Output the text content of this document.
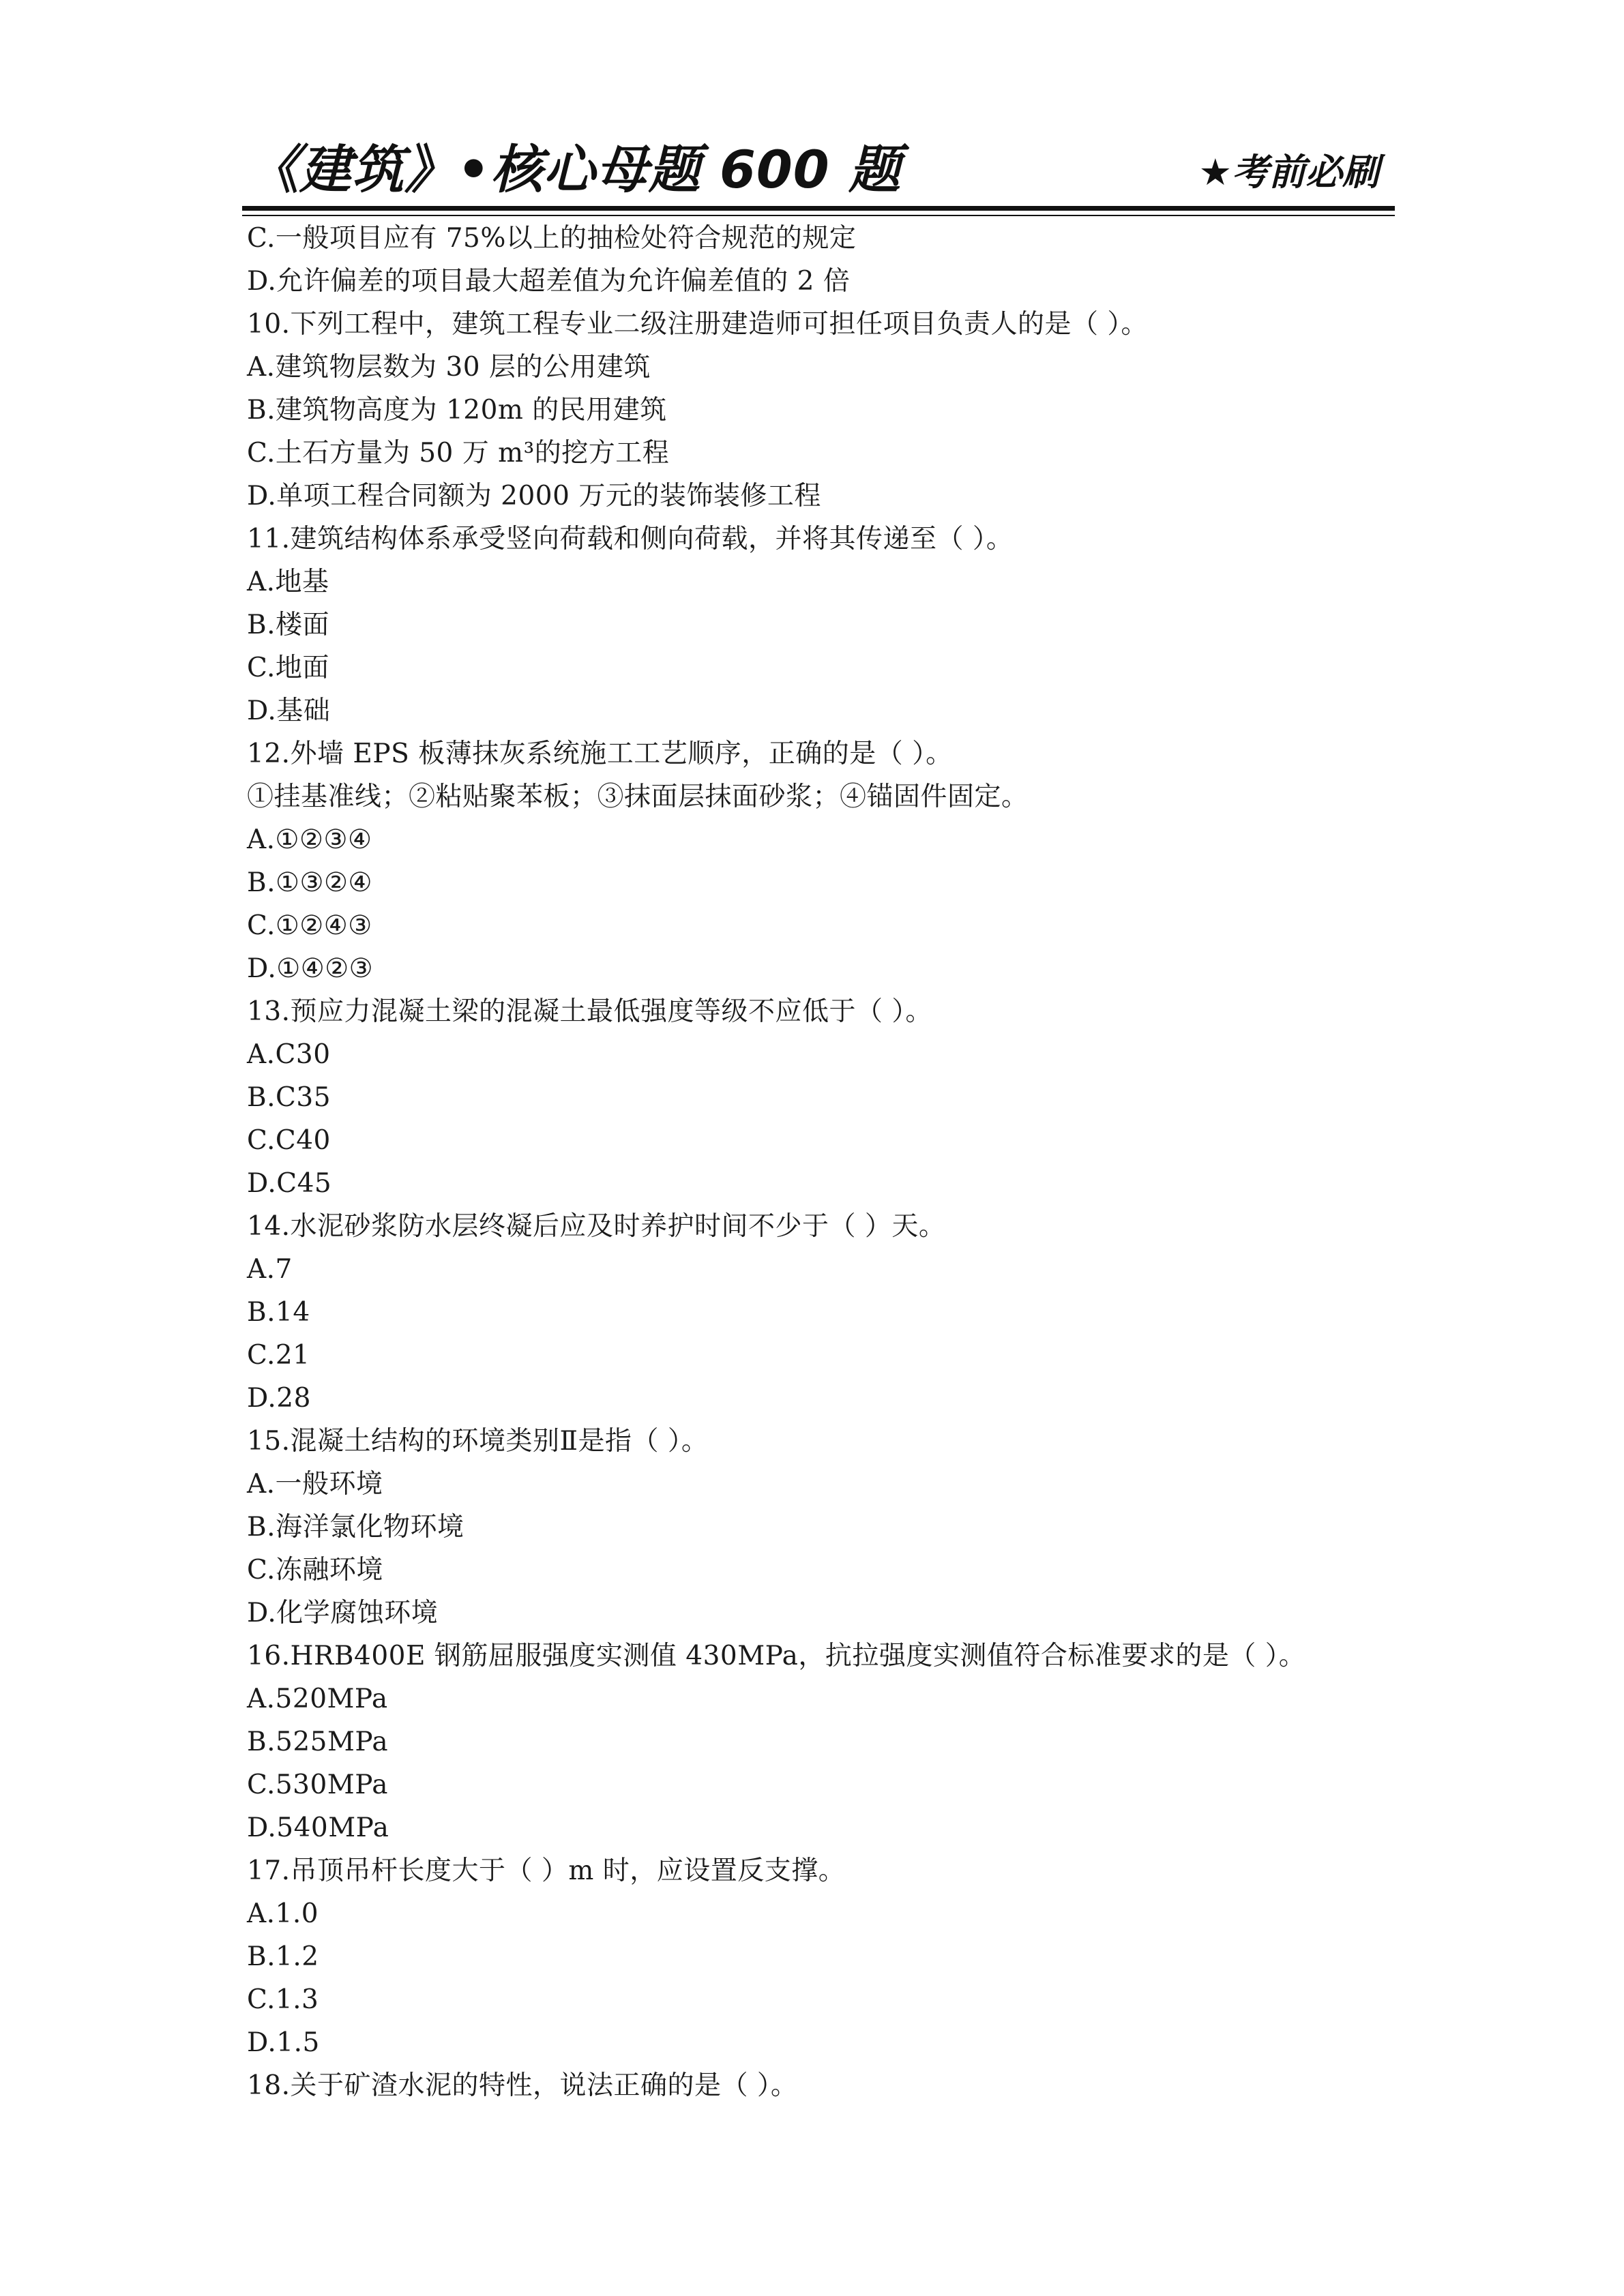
《建筑》•核心母题 600 题	★考前必刷
C.一般项目应有 75%以上的抽检处符合规范的规定
D.允许偏差的项目最大超差值为允许偏差值的 2 倍
10.下列工程中，建筑工程专业二级注册建造师可担任项目负责人的是（ ）。
A.建筑物层数为 30 层的公用建筑
B.建筑物高度为 120m 的民用建筑
C.土石方量为 50 万 m³的挖方工程
D.单项工程合同额为 2000 万元的装饰装修工程
11.建筑结构体系承受竖向荷载和侧向荷载，并将其传递至（ ）。
A.地基
B.楼面
C.地面
D.基础
12.外墙 EPS 板薄抹灰系统施工工艺顺序，正确的是（ ）。
①挂基准线；②粘贴聚苯板；③抹面层抹面砂浆；④锚固件固定。
A.①②③④
B.①③②④
C.①②④③
D.①④②③
13.预应力混凝土梁的混凝土最低强度等级不应低于（ ）。
A.C30
B.C35
C.C40
D.C45
14.水泥砂浆防水层终凝后应及时养护时间不少于（ ）天。
A.7
B.14
C.21
D.28
15.混凝土结构的环境类别Ⅱ是指（ ）。
A.一般环境
B.海洋氯化物环境
C.冻融环境
D.化学腐蚀环境
16.HRB400E 钢筋屈服强度实测值 430MPa，抗拉强度实测值符合标准要求的是（ ）。
A.520MPa
B.525MPa
C.530MPa
D.540MPa
17.吊顶吊杆长度大于（ ）m 时，应设置反支撑。
A.1.0
B.1.2
C.1.3
D.1.5
18.关于矿渣水泥的特性，说法正确的是（ ）。
